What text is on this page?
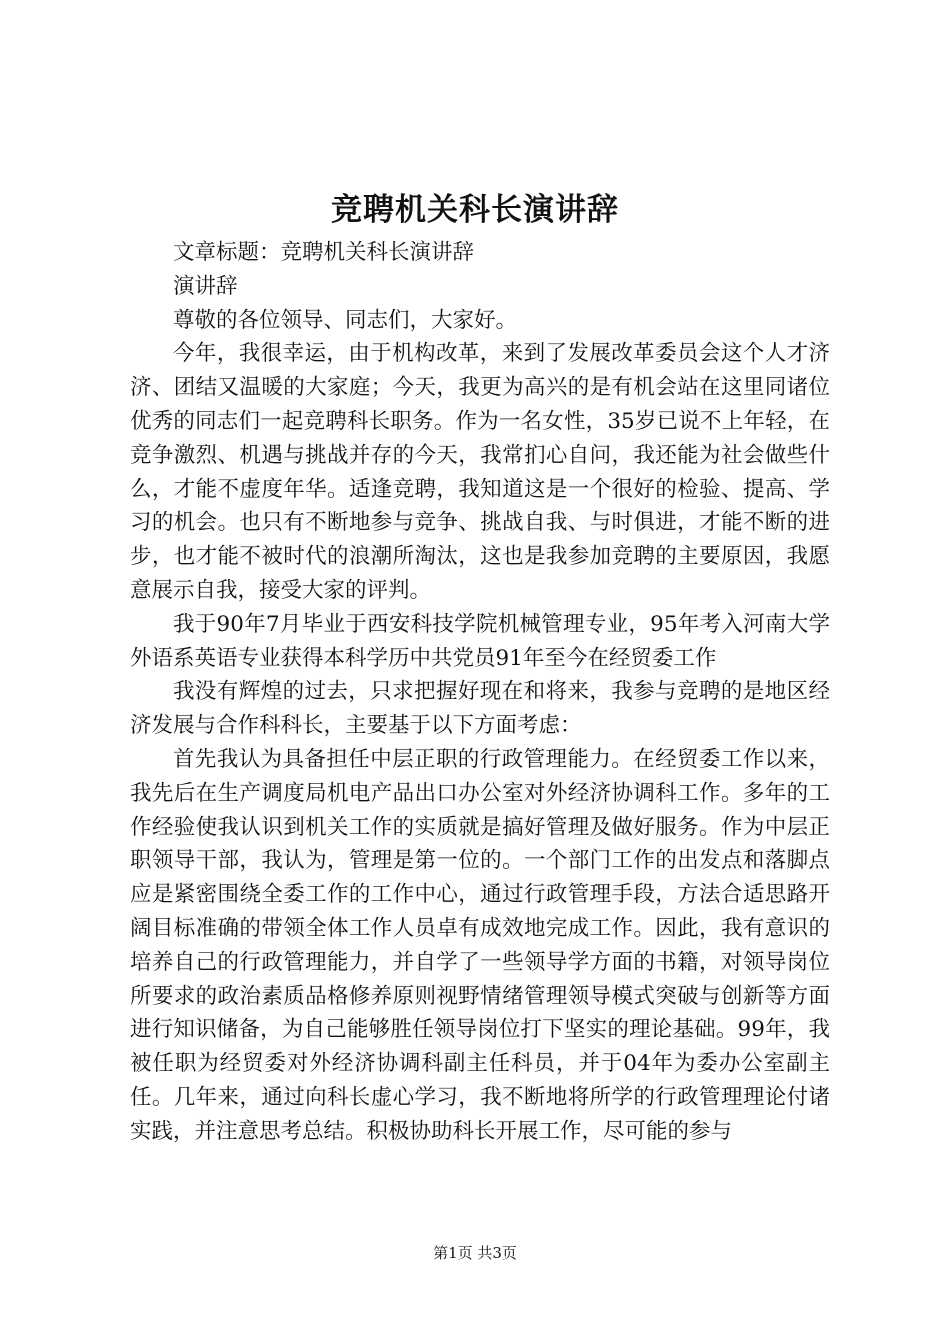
竞聘机关科长演讲辞

文章标题：竞聘机关科长演讲辞

演讲辞

尊敬的各位领导、同志们，大家好。

今年，我很幸运，由于机构改革，来到了发展改革委员会这个人才济济、团结又温暖的大家庭；今天，我更为高兴的是有机会站在这里同诸位优秀的同志们一起竞聘科长职务。作为一名女性，35岁已说不上年轻，在竞争激烈、机遇与挑战并存的今天，我常扪心自问，我还能为社会做些什么，才能不虚度年华。适逢竞聘，我知道这是一个很好的检验、提高、学习的机会。也只有不断地参与竞争、挑战自我、与时俱进，才能不断的进步，也才能不被时代的浪潮所淘汰，这也是我参加竞聘的主要原因，我愿意展示自我，接受大家的评判。

我于90年7月毕业于西安科技学院机械管理专业，95年考入河南大学外语系英语专业获得本科学历中共党员91年至今在经贸委工作

我没有辉煌的过去，只求把握好现在和将来，我参与竞聘的是地区经济发展与合作科科长，主要基于以下方面考虑：

首先我认为具备担任中层正职的行政管理能力。在经贸委工作以来，我先后在生产调度局机电产品出口办公室对外经济协调科工作。多年的工作经验使我认识到机关工作的实质就是搞好管理及做好服务。作为中层正职领导干部，我认为，管理是第一位的。一个部门工作的出发点和落脚点应是紧密围绕全委工作的工作中心，通过行政管理手段，方法合适思路开阔目标准确的带领全体工作人员卓有成效地完成工作。因此，我有意识的培养自己的行政管理能力，并自学了一些领导学方面的书籍，对领导岗位所要求的政治素质品格修养原则视野情绪管理领导模式突破与创新等方面进行知识储备，为自己能够胜任领导岗位打下坚实的理论基础。99年，我被任职为经贸委对外经济协调科副主任科员，并于04年为委办公室副主任。几年来，通过向科长虚心学习，我不断地将所学的行政管理理论付诸实践，并注意思考总结。积极协助科长开展工作，尽可能的参与

第1页 共3页
